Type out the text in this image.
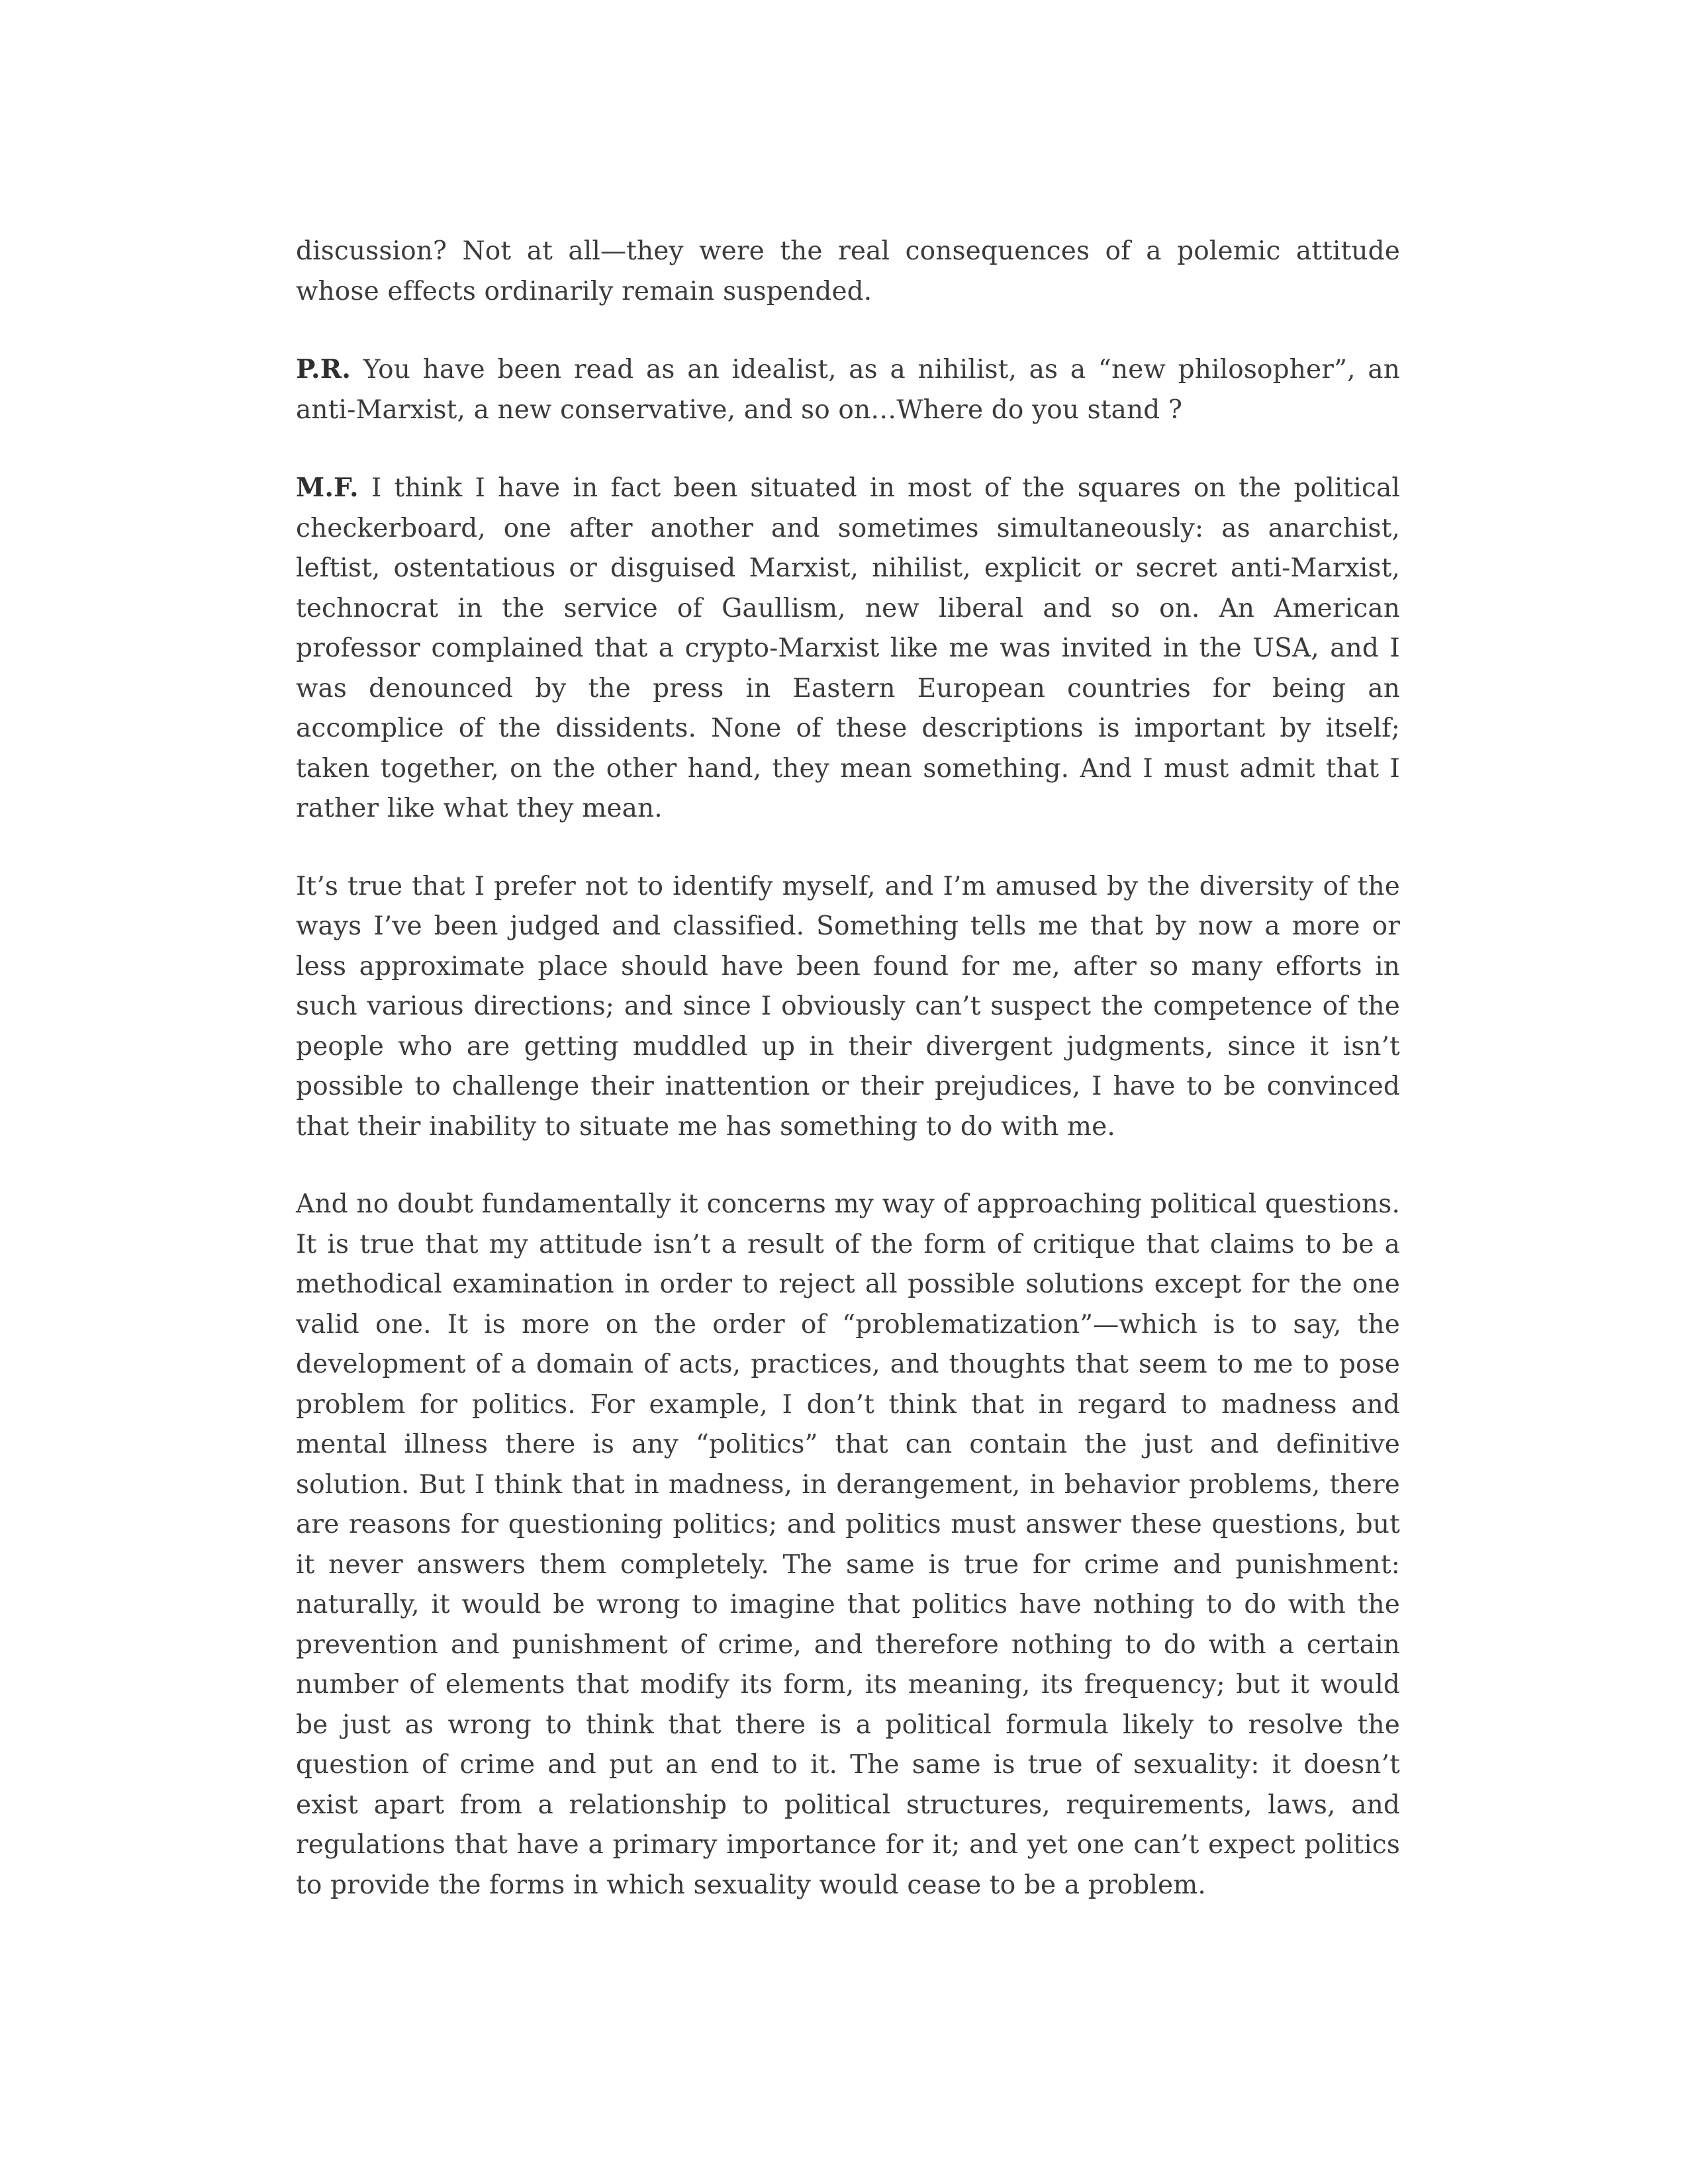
discussion? Not at all—they were the real consequences of a polemic attitude whose effects ordinarily remain suspended.

P.R. You have been read as an idealist, as a nihilist, as a “new philosopher”, an anti-Marxist, a new conservative, and so on…Where do you stand ?

M.F. I think I have in fact been situated in most of the squares on the political checkerboard, one after another and sometimes simultaneously: as anarchist, leftist, ostentatious or disguised Marxist, nihilist, explicit or secret anti-Marxist, technocrat in the service of Gaullism, new liberal and so on. An American professor complained that a crypto-Marxist like me was invited in the USA, and I was denounced by the press in Eastern European countries for being an accomplice of the dissidents. None of these descriptions is important by itself; taken together, on the other hand, they mean something. And I must admit that I rather like what they mean.

It’s true that I prefer not to identify myself, and I’m amused by the diversity of the ways I’ve been judged and classified. Something tells me that by now a more or less approximate place should have been found for me, after so many efforts in such various directions; and since I obviously can’t suspect the competence of the people who are getting muddled up in their divergent judgments, since it isn’t possible to challenge their inattention or their prejudices, I have to be convinced that their inability to situate me has something to do with me.

And no doubt fundamentally it concerns my way of approaching political questions. It is true that my attitude isn’t a result of the form of critique that claims to be a methodical examination in order to reject all possible solutions except for the one valid one. It is more on the order of “problematization”—which is to say, the development of a domain of acts, practices, and thoughts that seem to me to pose problem for politics. For example, I don’t think that in regard to madness and mental illness there is any “politics” that can contain the just and definitive solution. But I think that in madness, in derangement, in behavior problems, there are reasons for questioning politics; and politics must answer these questions, but it never answers them completely. The same is true for crime and punishment: naturally, it would be wrong to imagine that politics have nothing to do with the prevention and punishment of crime, and therefore nothing to do with a certain number of elements that modify its form, its meaning, its frequency; but it would be just as wrong to think that there is a political formula likely to resolve the question of crime and put an end to it. The same is true of sexuality: it doesn’t exist apart from a relationship to political structures, requirements, laws, and regulations that have a primary importance for it; and yet one can’t expect politics to provide the forms in which sexuality would cease to be a problem.
